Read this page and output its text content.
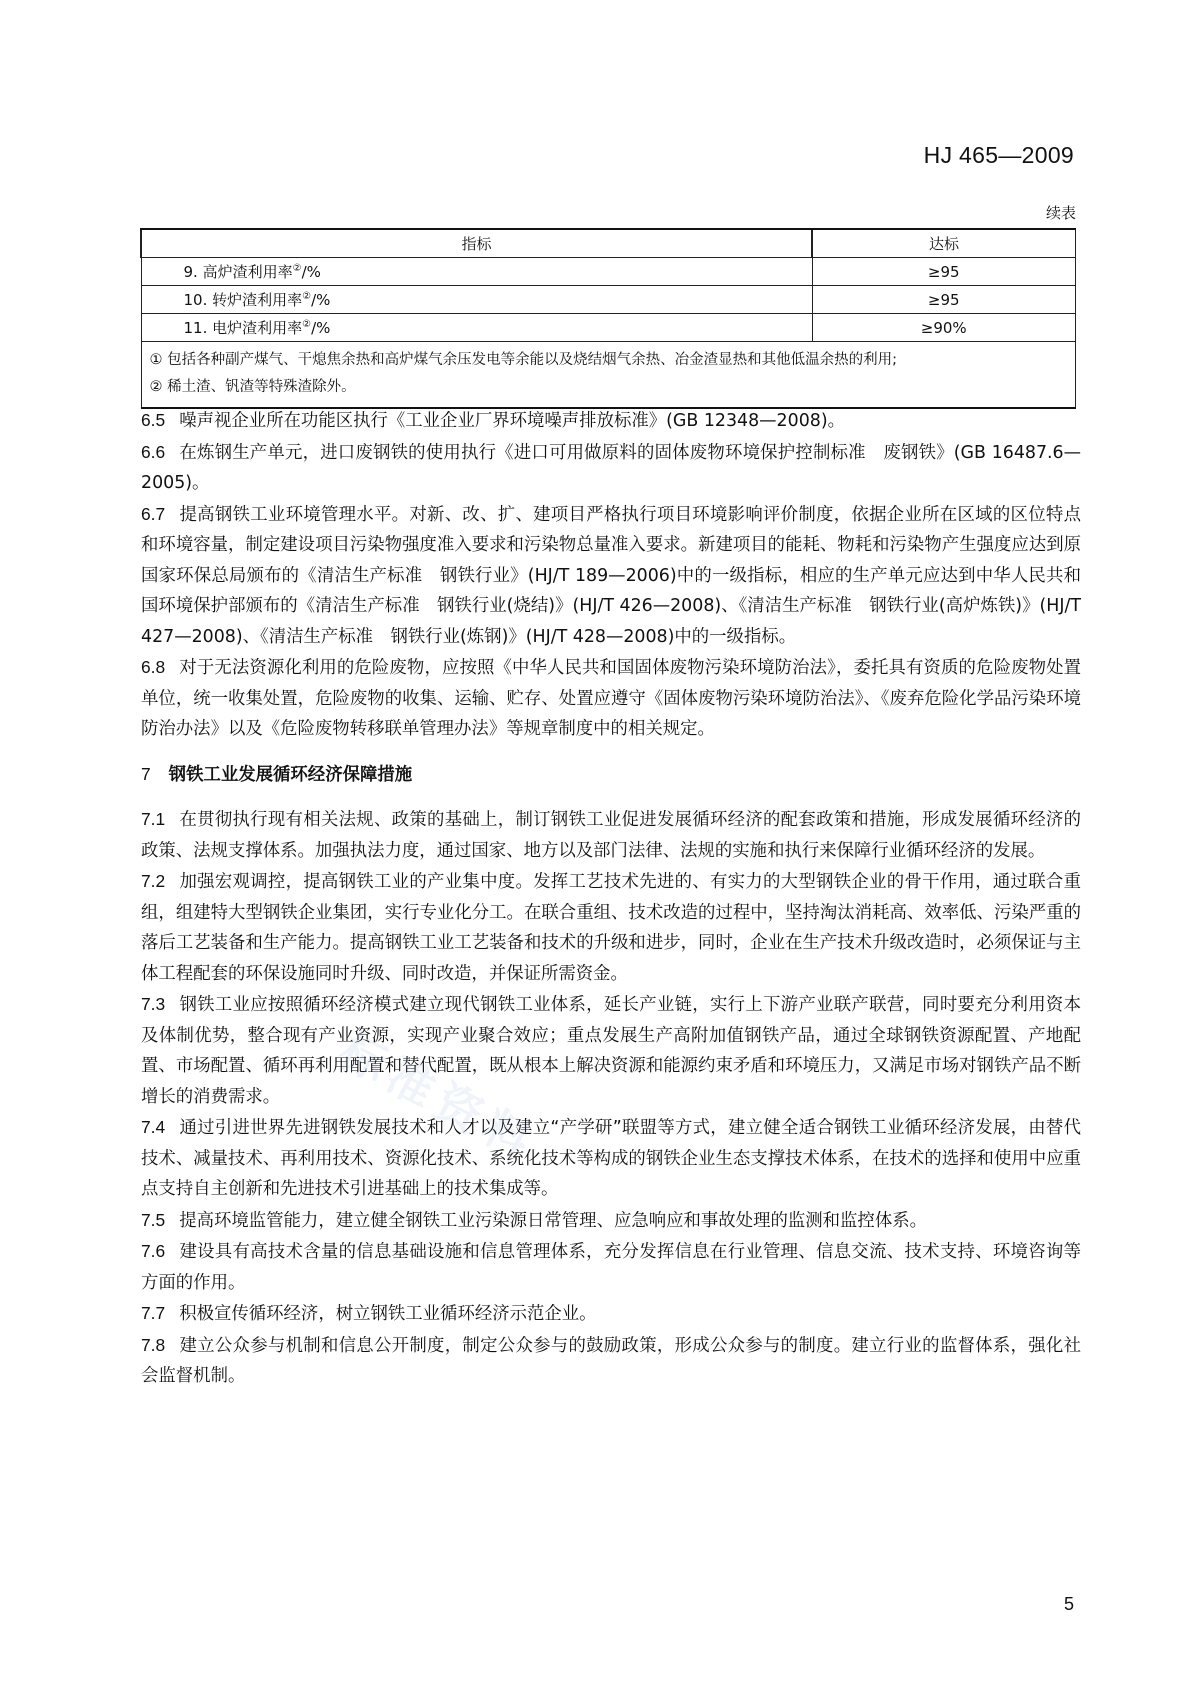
HJ 465—2009
续表
指标	达标
9. 高炉渣利用率②/%	≥95
10. 转炉渣利用率②/%	≥95
11. 电炉渣利用率②/%	≥90%

① 包括各种副产煤气、干熄焦余热和高炉煤气余压发电等余能以及烧结烟气余热、冶金渣显热和其他低温余热的利用;
② 稀土渣、钒渣等特殊渣除外。	

6.5 噪声视企业所在功能区执行《工业企业厂界环境噪声排放标准》(GB 12348—2008)。

6.6 在炼钢生产单元，进口废钢铁的使用执行《进口可用做原料的固体废物环境保护控制标准　废钢铁》(GB 16487.6—2005)。

6.7 提高钢铁工业环境管理水平。对新、改、扩、建项目严格执行项目环境影响评价制度，依据企业所在区域的区位特点和环境容量，制定建设项目污染物强度准入要求和污染物总量准入要求。新建项目的能耗、物耗和污染物产生强度应达到原国家环保总局颁布的《清洁生产标准　钢铁行业》(HJ/T 189—2006)中的一级指标，相应的生产单元应达到中华人民共和国环境保护部颁布的《清洁生产标准　钢铁行业(烧结)》(HJ/T 426—2008)、《清洁生产标准　钢铁行业(高炉炼铁)》(HJ/T 427—2008)、《清洁生产标准　钢铁行业(炼钢)》(HJ/T 428—2008)中的一级指标。

6.8 对于无法资源化利用的危险废物，应按照《中华人民共和国固体废物污染环境防治法》，委托具有资质的危险废物处置单位，统一收集处置，危险废物的收集、运输、贮存、处置应遵守《固体废物污染环境防治法》、《废弃危险化学品污染环境防治办法》以及《危险废物转移联单管理办法》等规章制度中的相关规定。

7 钢铁工业发展循环经济保障措施

7.1 在贯彻执行现有相关法规、政策的基础上，制订钢铁工业促进发展循环经济的配套政策和措施，形成发展循环经济的政策、法规支撑体系。加强执法力度，通过国家、地方以及部门法律、法规的实施和执行来保障行业循环经济的发展。

7.2 加强宏观调控，提高钢铁工业的产业集中度。发挥工艺技术先进的、有实力的大型钢铁企业的骨干作用，通过联合重组，组建特大型钢铁企业集团，实行专业化分工。在联合重组、技术改造的过程中，坚持淘汰消耗高、效率低、污染严重的落后工艺装备和生产能力。提高钢铁工业工艺装备和技术的升级和进步，同时，企业在生产技术升级改造时，必须保证与主体工程配套的环保设施同时升级、同时改造，并保证所需资金。

7.3 钢铁工业应按照循环经济模式建立现代钢铁工业体系，延长产业链，实行上下游产业联产联营，同时要充分利用资本及体制优势，整合现有产业资源，实现产业聚合效应；重点发展生产高附加值钢铁产品，通过全球钢铁资源配置、产地配置、市场配置、循环再利用配置和替代配置，既从根本上解决资源和能源约束矛盾和环境压力，又满足市场对钢铁产品不断增长的消费需求。

7.4 通过引进世界先进钢铁发展技术和人才以及建立“产学研”联盟等方式，建立健全适合钢铁工业循环经济发展，由替代技术、减量技术、再利用技术、资源化技术、系统化技术等构成的钢铁企业生态支撑技术体系，在技术的选择和使用中应重点支持自主创新和先进技术引进基础上的技术集成等。

7.5 提高环境监管能力，建立健全钢铁工业污染源日常管理、应急响应和事故处理的监测和监控体系。

7.6 建设具有高技术含量的信息基础设施和信息管理体系，充分发挥信息在行业管理、信息交流、技术支持、环境咨询等方面的作用。

7.7 积极宣传循环经济，树立钢铁工业循环经济示范企业。

7.8 建立公众参与机制和信息公开制度，制定公众参与的鼓励政策，形成公众参与的制度。建立行业的监督体系，强化社会监督机制。

标准资料
5
